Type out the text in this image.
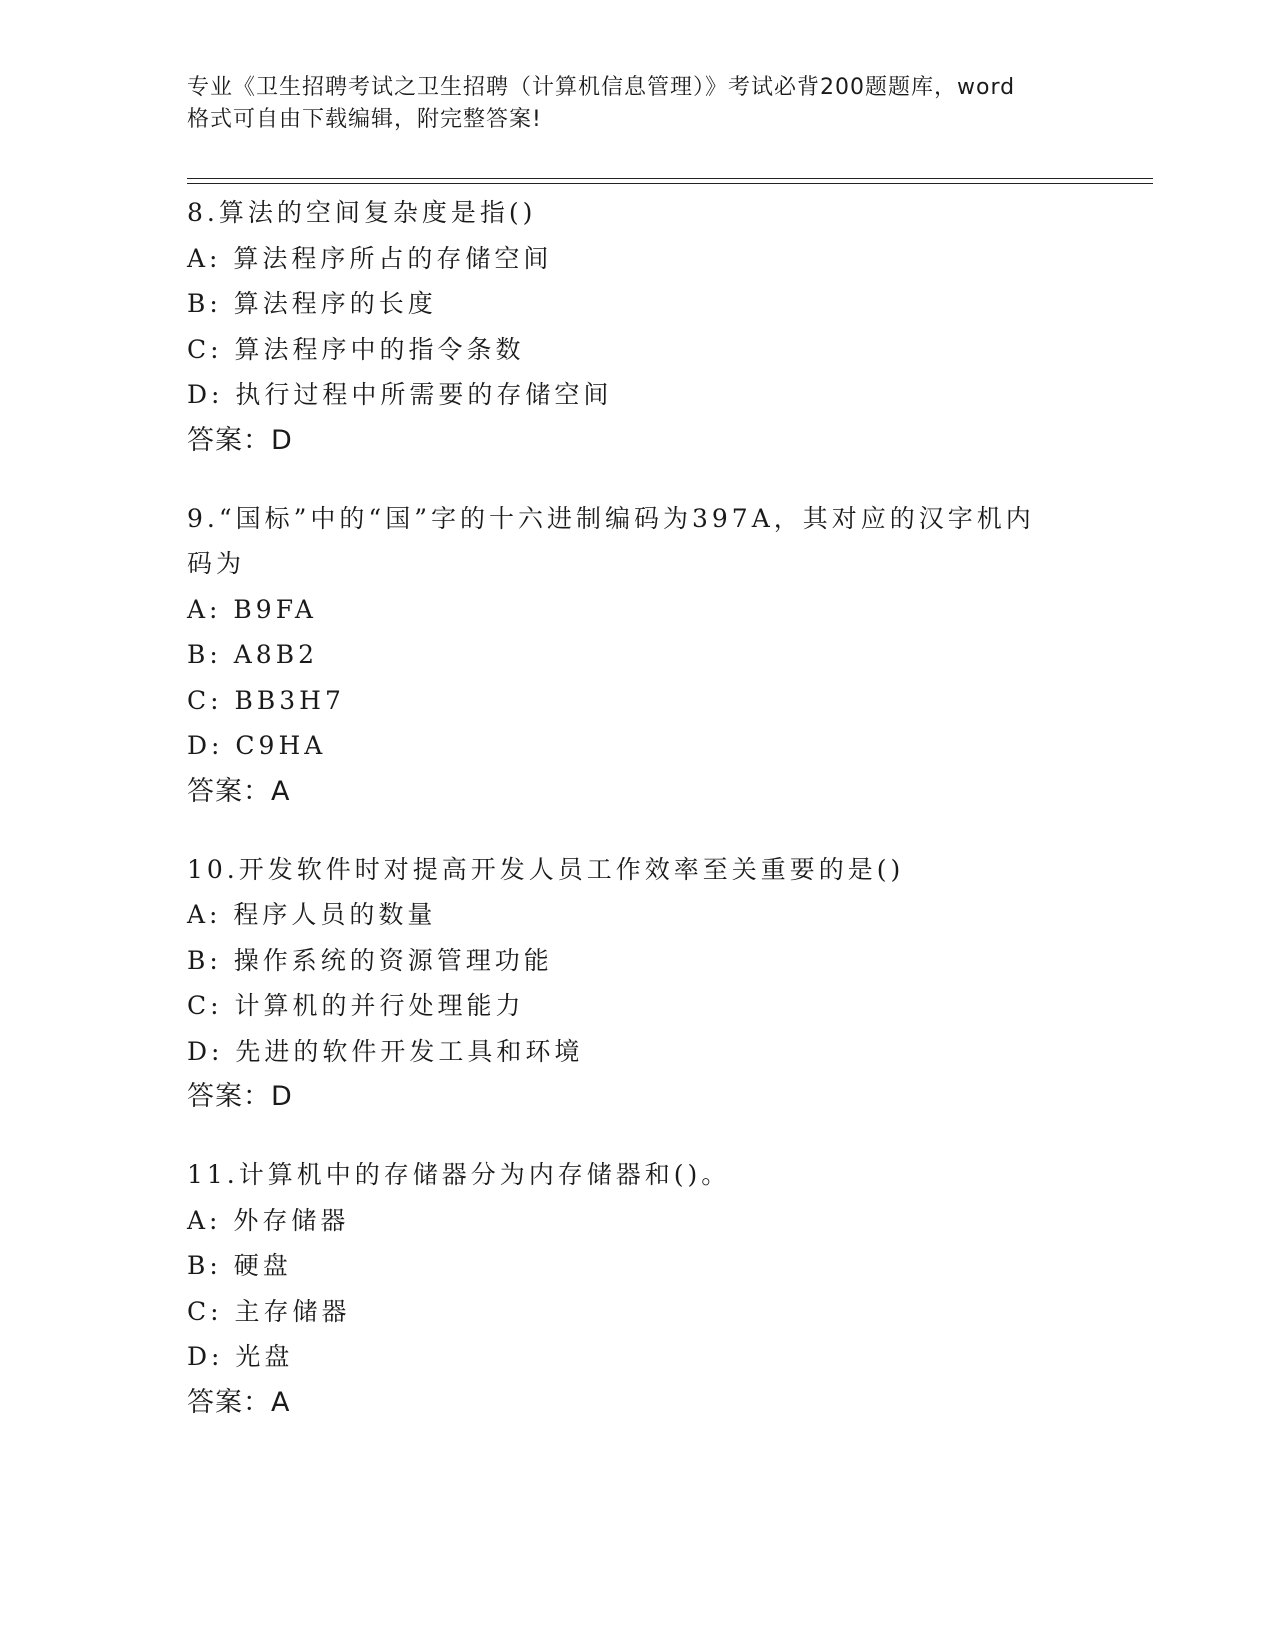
专业《卫生招聘考试之卫生招聘（计算机信息管理）》考试必背200题题库，word
格式可自由下载编辑，附完整答案!
8.算法的空间复杂度是指()
A: 算法程序所占的存储空间
B: 算法程序的长度
C: 算法程序中的指令条数
D: 执行过程中所需要的存储空间
答案：D
9.“国标”中的“国”字的十六进制编码为397A，其对应的汉字机内
码为
A: B9FA
B: A8B2
C: BB3H7
D: C9HA
答案：A
10.开发软件时对提高开发人员工作效率至关重要的是()
A: 程序人员的数量
B: 操作系统的资源管理功能
C: 计算机的并行处理能力
D: 先进的软件开发工具和环境
答案：D
11.计算机中的存储器分为内存储器和()。
A: 外存储器
B: 硬盘
C: 主存储器
D: 光盘
答案：A
